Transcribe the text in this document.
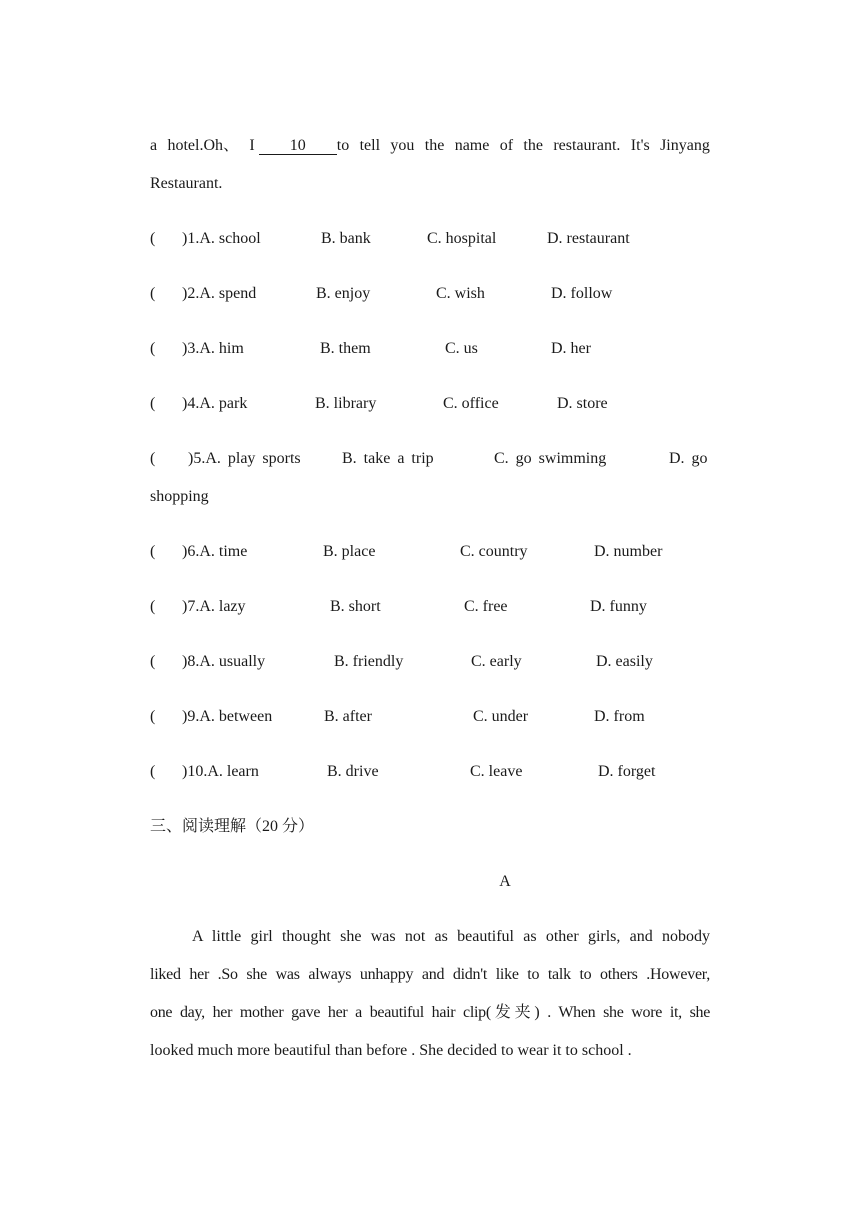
a hotel.Oh、 I 10 to tell you the name of the restaurant. It's Jinyang
Restaurant.
( )1.A. school	B. bank	C. hospital	D. restaurant
( )2.A. spend	B. enjoy	C. wish	D. follow
( )3.A. him	B. them	C. us	D. her
( )4.A. park	B. library	C. office	D. store
( )5.A. play sports	B. take a trip	C. go swimming	D. go
shopping
( )6.A. time	B. place	C. country	D. number
( )7.A. lazy	B. short	C. free	D. funny
( )8.A. usually	B. friendly	C. early	D. easily
( )9.A. between	B. after	C. under	D. from
( )10.A. learn	B. drive	C. leave	D. forget
三、阅读理解（20 分）
A
A little girl thought she was not as beautiful as other girls, and nobody
liked her .So she was always unhappy and didn't like to talk to others .However,
one day, her mother gave her a beautiful hair clip(发夹) . When she wore it, she
looked much more beautiful than before . She decided to wear it to school .
